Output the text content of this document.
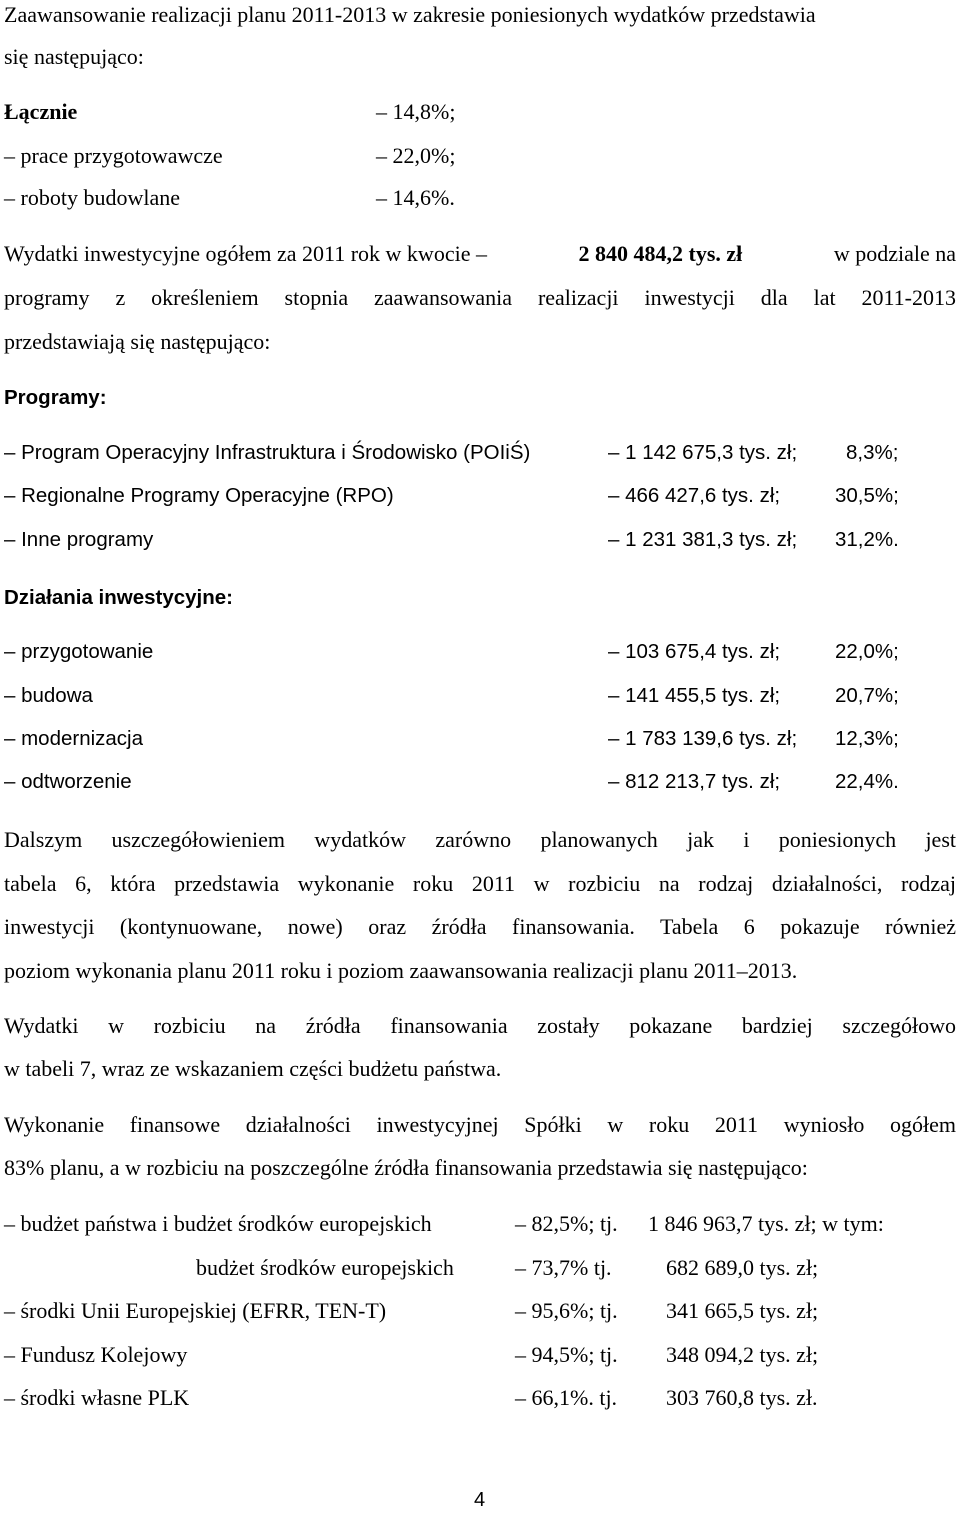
Zaawansowanie realizacji planu 2011-2013 w zakresie poniesionych wydatków przedstawia
się następująco:
Łącznie	– 14,8%;
– prace przygotowawcze	– 22,0%;
– roboty budowlane	– 14,6%.
Wydatki inwestycyjne ogółem za 2011 rok w kwocie –	2 840 484,2 tys. zł	w podziale na
programy z określeniem stopnia zaawansowania realizacji inwestycji dla lat 2011-2013
przedstawiają się następująco:
Programy:
– Program Operacyjny Infrastruktura i Środowisko (POIiŚ)	– 1 142 675,3 tys. zł; 8,3%;
– Regionalne Programy Operacyjne (RPO)	– 466 427,6 tys. zł;	30,5%;
– Inne programy	– 1 231 381,3 tys. zł; 31,2%.
Działania inwestycyjne:
– przygotowanie	– 103 675,4 tys. zł;	22,0%;
– budowa	– 141 455,5 tys. zł;	20,7%;
– modernizacja	– 1 783 139,6 tys. zł; 12,3%;
– odtworzenie	– 812 213,7 tys. zł;	22,4%.
Dalszym uszczegółowieniem wydatków zarówno planowanych jak i poniesionych jest
tabela 6, która przedstawia wykonanie roku 2011 w rozbiciu na rodzaj działalności, rodzaj
inwestycji (kontynuowane, nowe) oraz źródła finansowania. Tabela 6 pokazuje również
poziom wykonania planu 2011 roku i poziom zaawansowania realizacji planu 2011–2013.
Wydatki w rozbiciu na źródła finansowania zostały pokazane bardziej szczegółowo
w tabeli 7, wraz ze wskazaniem części budżetu państwa.
Wykonanie finansowe działalności inwestycyjnej Spółki w roku 2011 wyniosło ogółem
83% planu, a w rozbiciu na poszczególne źródła finansowania przedstawia się następująco:
– budżet państwa i budżet środków europejskich	– 82,5%; tj. 1 846 963,7 tys. zł; w tym:
budżet środków europejskich	– 73,7% tj. 682 689,0 tys. zł;
– środki Unii Europejskiej (EFRR, TEN-T)	– 95,6%; tj. 341 665,5 tys. zł;
– Fundusz Kolejowy	– 94,5%; tj. 348 094,2 tys. zł;
– środki własne PLK	– 66,1%. tj. 303 760,8 tys. zł.
4
